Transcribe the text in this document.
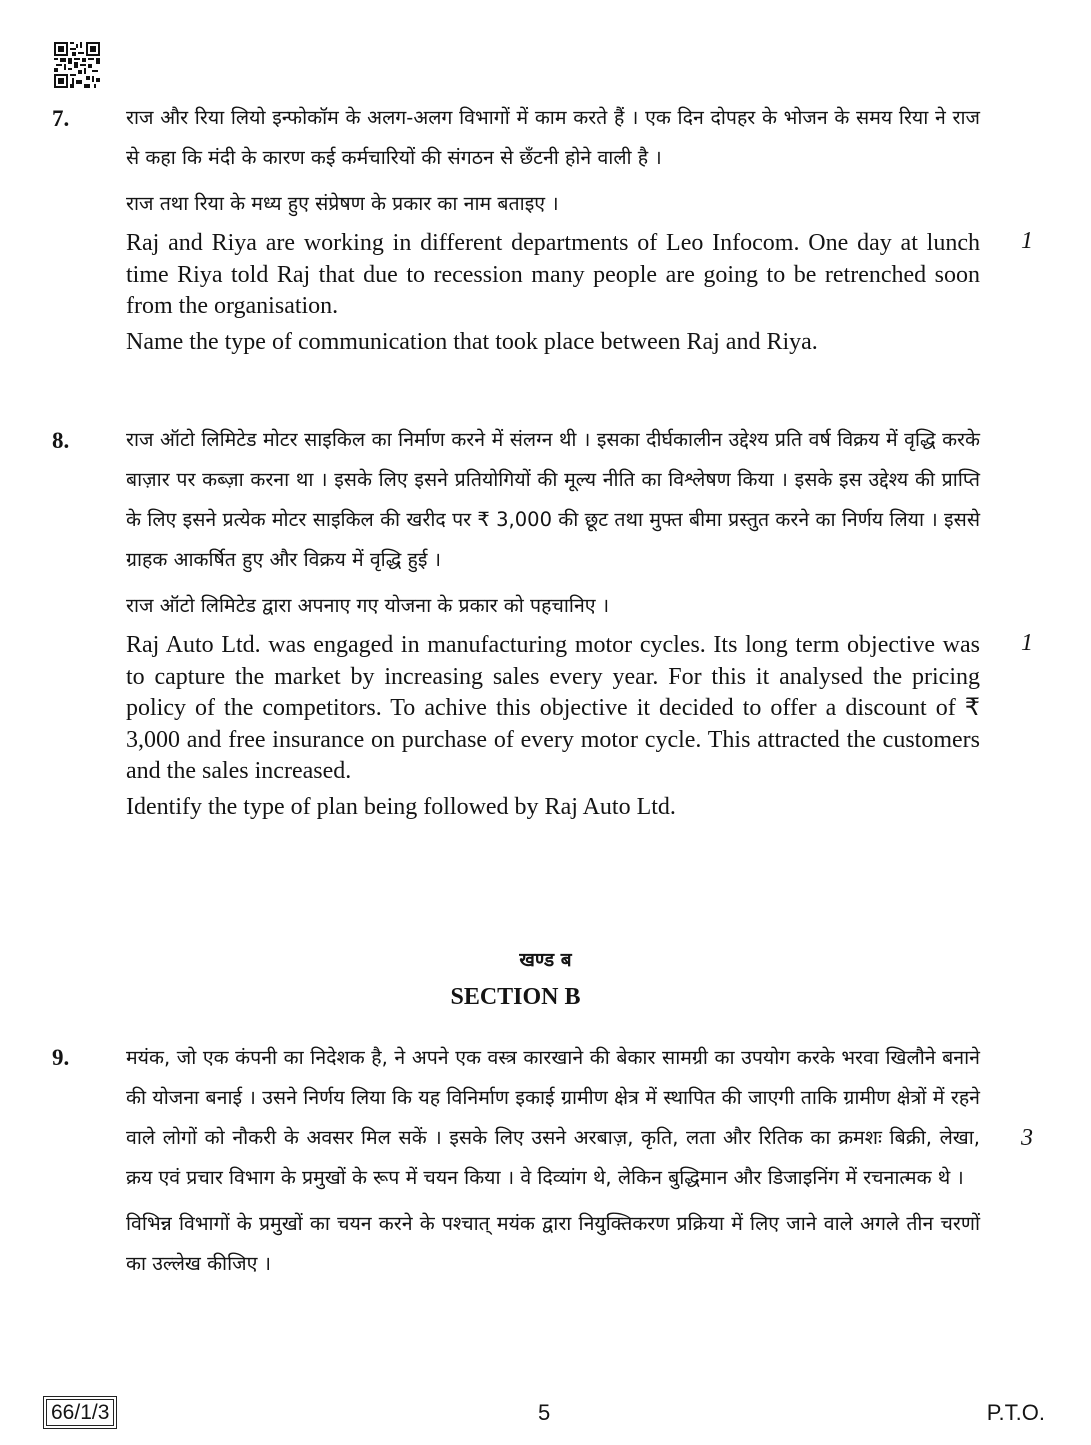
7.	राज और रिया लियो इन्फोकॉम के अलग-अलग विभागों में काम करते हैं । एक दिन दोपहर के भोजन के समय रिया ने राज से कहा कि मंदी के कारण कई कर्मचारियों की संगठन से छँटनी होने वाली है ।

राज तथा रिया के मध्य हुए संप्रेषण के प्रकार का नाम बताइए ।

Raj and Riya are working in different departments of Leo Infocom. One day at lunch time Riya told Raj that due to recession many people are going to be retrenched soon from the organisation.

Name the type of communication that took place between Raj and Riya.

1
8.	राज ऑटो लिमिटेड मोटर साइकिल का निर्माण करने में संलग्न थी । इसका दीर्घकालीन उद्देश्य प्रति वर्ष विक्रय में वृद्धि करके बाज़ार पर कब्ज़ा करना था । इसके लिए इसने प्रतियोगियों की मूल्य नीति का विश्लेषण किया । इसके इस उद्देश्य की प्राप्ति के लिए इसने प्रत्येक मोटर साइकिल की खरीद पर ₹ 3,000 की छूट तथा मुफ्त बीमा प्रस्तुत करने का निर्णय लिया । इससे ग्राहक आकर्षित हुए और विक्रय में वृद्धि हुई ।

राज ऑटो लिमिटेड द्वारा अपनाए गए योजना के प्रकार को पहचानिए ।

Raj Auto Ltd. was engaged in manufacturing motor cycles. Its long term objective was to capture the market by increasing sales every year. For this it analysed the pricing policy of the competitors. To achive this objective it decided to offer a discount of ₹ 3,000 and free insurance on purchase of every motor cycle. This attracted the customers and the sales increased.

Identify the type of plan being followed by Raj Auto Ltd.

1
खण्ड ब
SECTION B
9.	मयंक, जो एक कंपनी का निदेशक है, ने अपने एक वस्त्र कारखाने की बेकार सामग्री का उपयोग करके भरवा खिलौने बनाने की योजना बनाई । उसने निर्णय लिया कि यह विनिर्माण इकाई ग्रामीण क्षेत्र में स्थापित की जाएगी ताकि ग्रामीण क्षेत्रों में रहने वाले लोगों को नौकरी के अवसर मिल सकें । इसके लिए उसने अरबाज़, कृति, लता और रितिक का क्रमशः बिक्री, लेखा, क्रय एवं प्रचार विभाग के प्रमुखों के रूप में चयन किया । वे दिव्यांग थे, लेकिन बुद्धिमान और डिजाइनिंग में रचनात्मक थे ।

विभिन्न विभागों के प्रमुखों का चयन करने के पश्चात् मयंक द्वारा नियुक्तिकरण प्रक्रिया में लिए जाने वाले अगले तीन चरणों का उल्लेख कीजिए ।

3
66/1/3	5	P.T.O.
